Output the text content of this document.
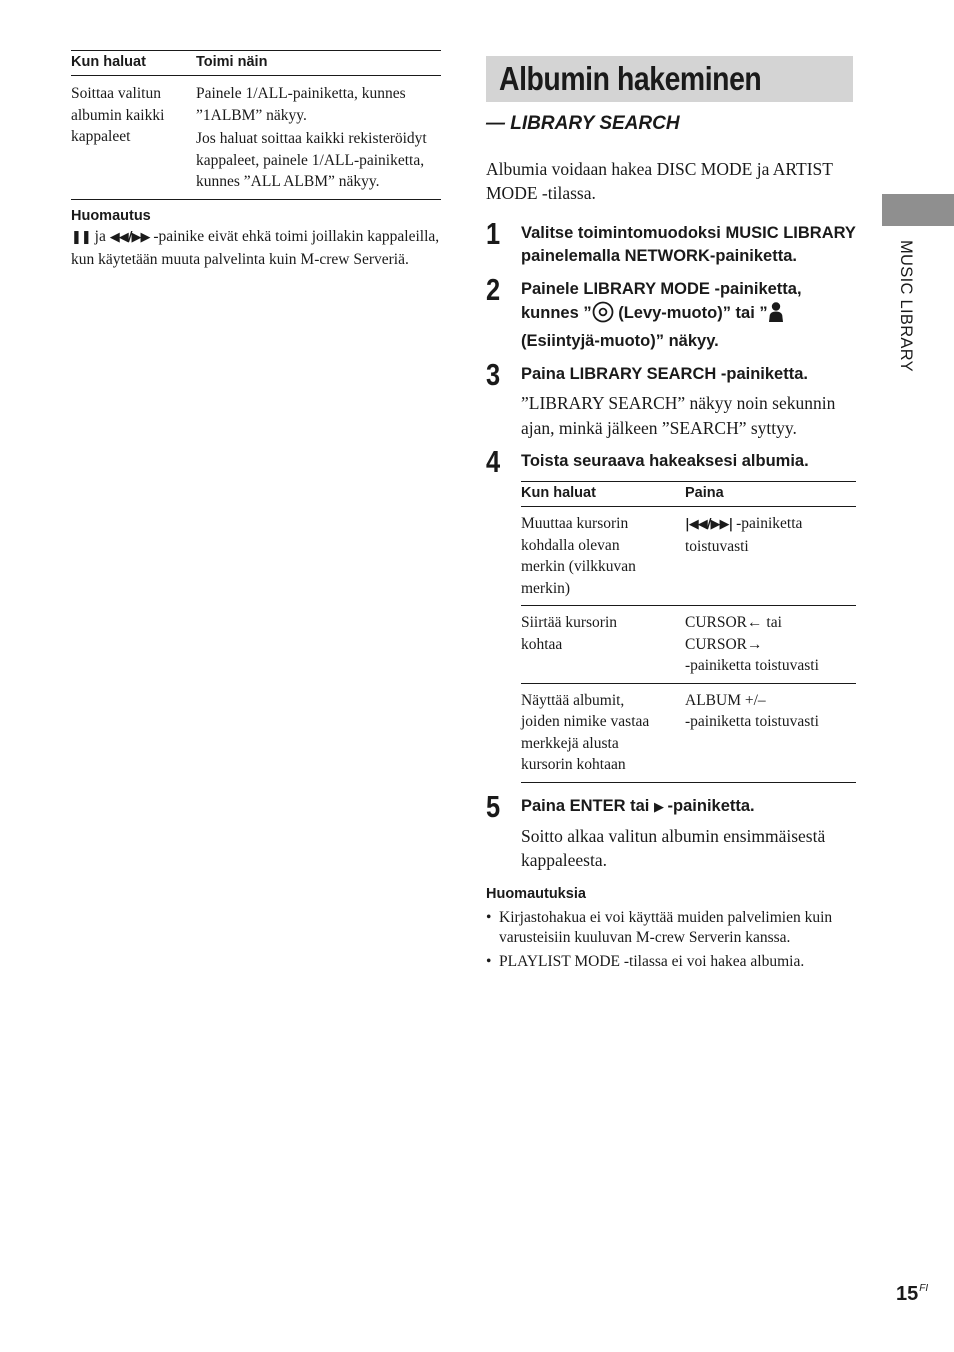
Kun haluat	Toimi näin

Soittaa valitun albumin kaikki kappaleet	Painele 1/ALL-painiketta, kunnes ”1ALBM” näkyy.
Jos haluat soittaa kaikki rekisteröidyt kappaleet, painele 1/ALL-painiketta, kunnes ”ALL ALBM” näkyy.
Huomautus
❚❚ ja ◀◀/▶▶ -painike eivät ehkä toimi joillakin kappaleilla, kun käytetään muuta palvelinta kuin M-crew Serveriä.
Albumin hakeminen
— LIBRARY SEARCH
Albumia voidaan hakea DISC MODE ja ARTIST MODE -tilassa.
1 Valitse toimintomuodoksi MUSIC LIBRARY painelemalla NETWORK-painiketta.
2 Painele LIBRARY MODE -painiketta, kunnes ” (Levy-muoto)” tai ” (Esiintyjä-muoto)” näkyy.
3 Paina LIBRARY SEARCH -painiketta.
”LIBRARY SEARCH” näkyy noin sekunnin ajan, minkä jälkeen ”SEARCH” syttyy.
4 Toista seuraava hakeaksesi albumia.
Kun haluat	Paina

Muuttaa kursorin kohdalla olevan merkin (vilkkuvan merkin)	|◀◀/▶▶| -painiketta toistuvasti

Siirtää kursorin kohtaa	CURSOR← tai
CURSOR→
-painiketta toistuvasti

Näyttää albumit, joiden nimike vastaa merkkejä alusta kursorin kohtaan	ALBUM +/–
-painiketta toistuvasti
5 Paina ENTER tai ▶ -painiketta.
Soitto alkaa valitun albumin ensimmäisestä kappaleesta.
Huomautuksia
• Kirjastohakua ei voi käyttää muiden palvelimien kuin varusteisiin kuuluvan M-crew Serverin kanssa.
• PLAYLIST MODE -tilassa ei voi hakea albumia.
MUSIC LIBRARY
$15^{FI}$
